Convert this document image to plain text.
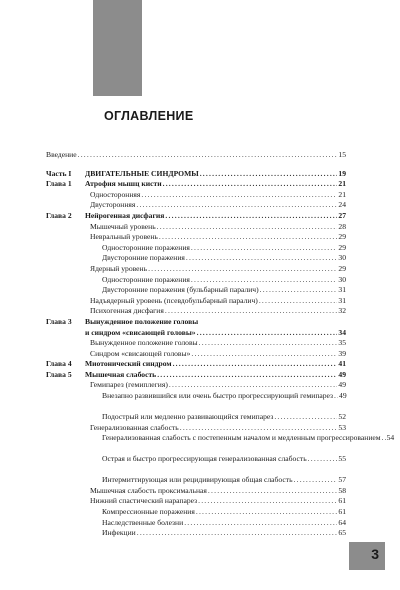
ОГЛАВЛЕНИЕ
Введение .....	15
Часть I ДВИГАТЕЛЬНЫЕ СИНДРОМЫ .....	19
Глава 1 Атрофия мышц кисти .....	21
Односторонняя .....	21
Двусторонняя .....	24
Глава 2 Нейрогенная дисфагия .....	27
Мышечный уровень .....	28
Невральный уровень .....	29
Односторонние поражения .....	29
Двусторонние поражения .....	30
Ядерный уровень .....	29
Односторонние поражения .....	30
Двусторонние поражения (бульбарный паралич) .....	31
Надъядерный уровень (псевдобульбарный паралич) .....	31
Психогенная дисфагия .....	32
Глава 3 Вынужденное положение головы
и синдром «свисающей головы» .....	34
Вынужденное положение головы .....	35
Синдром «свисающей головы» .....	39
Глава 4 Миотонический синдром .....	41
Глава 5 Мышечная слабость .....	49
Гемипарез (гемиплегия) .....	49
Внезапно развившийся или очень быстро прогрессирующий гемипарез ..... 49
Подострый или медленно развивающийся гемипарез .....	52
Генерализованная слабость .....	53
Генерализованная слабость с постепенным началом и медленным прогрессированием ..... 54
Острая и быстро прогрессирующая генерализованная слабость .....	55
Интермиттирующая или рецидивирующая общая слабость .....	57
Мышечная слабость проксимальная .....	58
Нижний спастический нарапарез .....	61
Компрессионные поражения .....	61
Наследственные болезни .....	64
Инфекции .....	65
3
